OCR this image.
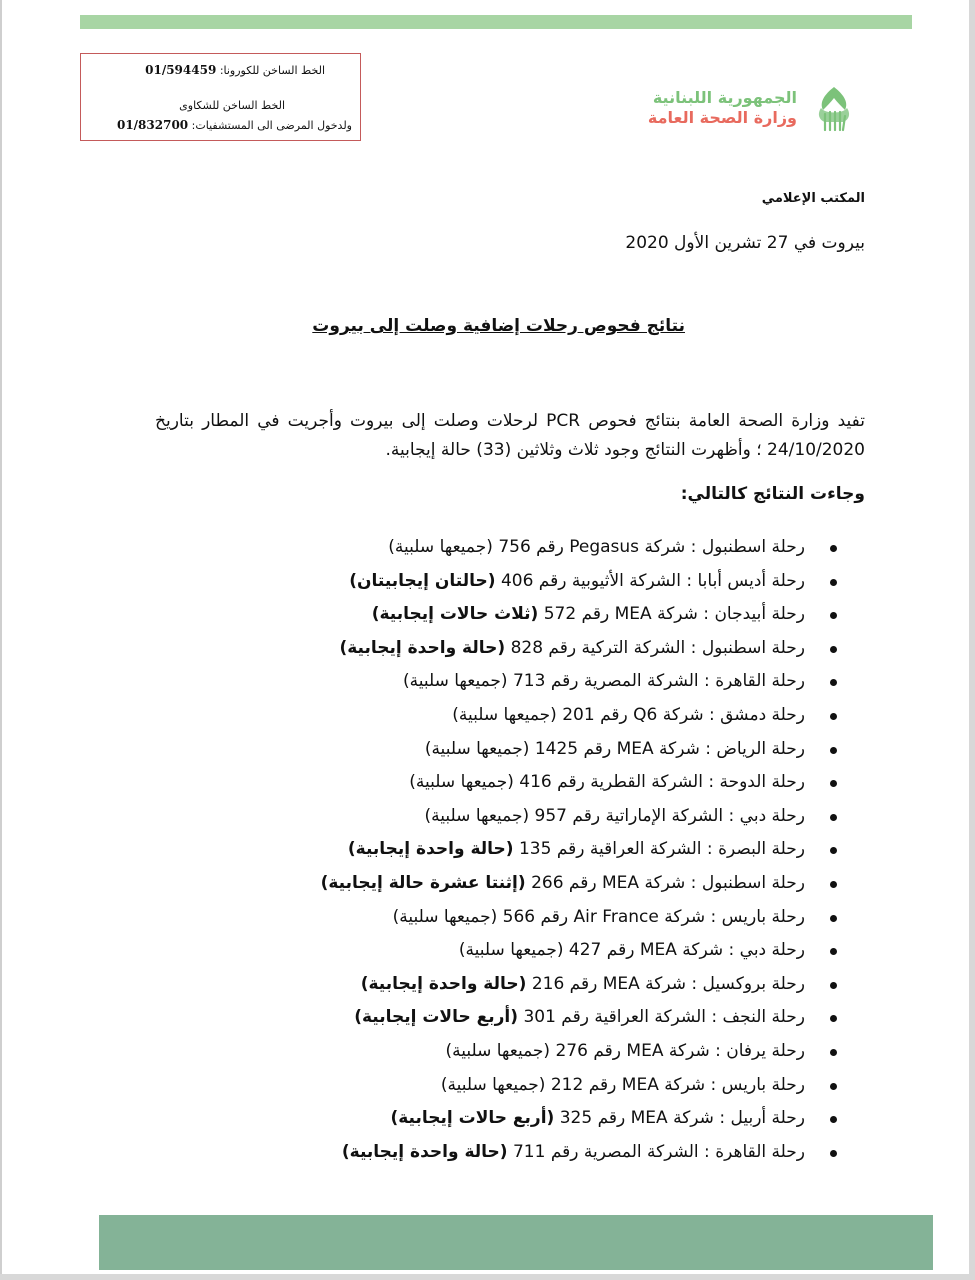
الخط الساخن للكورونا: 01/594459
الخط الساخن للشكاوى
ولدخول المرضى الى المستشفيات: 01/832700
الجمهورية اللبنانية
وزارة الصحة العامة
المكتب الإعلامي
بيروت في 27 تشرين الأول 2020
نتائج فحوص رحلات إضافية وصلت إلى بيروت
تفيد وزارة الصحة العامة بنتائج فحوص PCR لرحلات وصلت إلى بيروت وأجريت في المطار بتاريخ 24/10/2020 ؛ وأظهرت النتائج وجود ثلاث وثلاثين (33) حالة إيجابية.
وجاءت النتائج كالتالي:
رحلة اسطنبول : شركة Pegasus رقم 756 (جميعها سلبية)
رحلة أديس أبابا : الشركة الأثيوبية رقم 406 (حالتان إيجابيتان)
رحلة أبيدجان : شركة MEA رقم 572 (ثلاث حالات إيجابية)
رحلة اسطنبول : الشركة التركية رقم 828 (حالة واحدة إيجابية)
رحلة القاهرة : الشركة المصرية رقم 713 (جميعها سلبية)
رحلة دمشق : شركة Q6 رقم 201 (جميعها سلبية)
رحلة الرياض : شركة MEA رقم 1425 (جميعها سلبية)
رحلة الدوحة : الشركة القطرية رقم 416 (جميعها سلبية)
رحلة دبي : الشركة الإماراتية رقم 957 (جميعها سلبية)
رحلة البصرة : الشركة العراقية رقم 135 (حالة واحدة إيجابية)
رحلة اسطنبول : شركة MEA رقم 266 (إثنتا عشرة حالة إيجابية)
رحلة باريس : شركة Air France رقم 566 (جميعها سلبية)
رحلة دبي : شركة MEA رقم 427 (جميعها سلبية)
رحلة بروكسيل : شركة MEA رقم 216 (حالة واحدة إيجابية)
رحلة النجف : الشركة العراقية رقم 301 (أربع حالات إيجابية)
رحلة يرفان : شركة MEA رقم 276 (جميعها سلبية)
رحلة باريس : شركة MEA رقم 212 (جميعها سلبية)
رحلة أربيل : شركة MEA رقم 325 (أربع حالات إيجابية)
رحلة القاهرة : الشركة المصرية رقم 711 (حالة واحدة إيجابية)
